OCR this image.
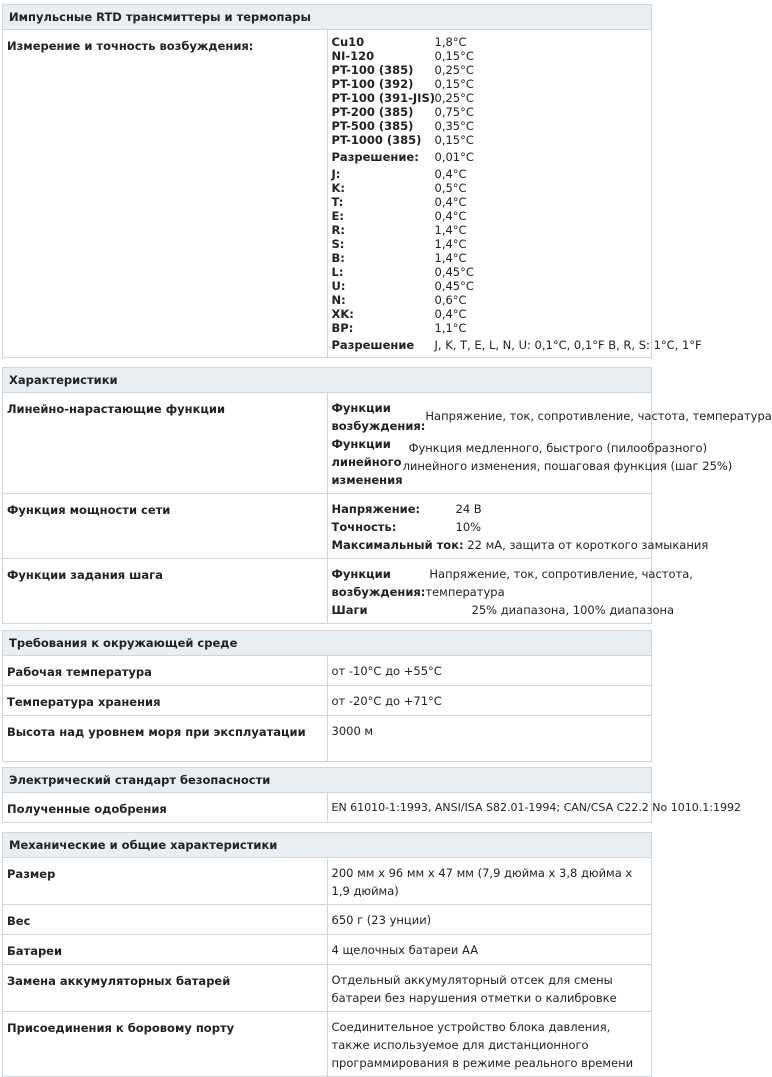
Импульсные RTD трансмиттеры и термопары
Измерение и точность возбуждения:	Cu10	1,8°C
NI-120	0,15°C
PT-100 (385) 0,25°C
PT-100 (392) 0,15°C
PT-100 (391-JIS)0,25°C
PT-200 (385) 0,75°C
PT-500 (385) 0,35°C
PT-1000 (385) 0,15°C
Разрешение: 0,01°C
J:	0,4°C
K:	0,5°C
T:	0,4°C
E:	0,4°C
R:	1,4°C
S:	1,4°C
B:	1,4°C
L:	0,45°C
U:	0,45°C
N:	0,6°C
XK:	0,4°C
BP:	1,1°C
Разрешение J, K, T, E, L, N, U: 0,1°C, 0,1°F B, R, S: 1°C, 1°F
Характеристики	
Линейно-нарастающие функции	Функции возбуждения:
Напряжение, ток, сопротивление, частота, температура
Функции линейного изменения
Функция медленного, быстрого (пилообразного)
линейного изменения, пошаговая функция (шаг 25%)

Функция мощности сети	Напряжение: 24 В
Точность: 10%
Максимальный ток: 22 мА, защита от короткого замыкания

Функции задания шага	Функции возбуждения:
Напряжение, ток, сопротивление, частота,
температура
Шаги 25% диапазона, 100% диапазона
Требования к окружающей среде	
Рабочая температура	от -10°C до +55°C
Температура хранения	от -20°C до +71°C
Высота над уровнем моря при эксплуатации	3000 м
Электрический стандарт безопасности
Полученные одобрения	EN 61010-1:1993, ANSI/ISA S82.01-1994; CAN/CSA C22.2 No 1010.1:1992
Механические и общие характеристики	
Размер	200 мм x 96 мм x 47 мм (7,9 дюйма x 3,8 дюйма x 1,9 дюйма)
Вес	650 г (23 унции)
Батареи	4 щелочных батареи AA
Замена аккумуляторных батарей	Отдельный аккумуляторный отсек для смены батареи без нарушения отметки о калибровке
Присоединения к боровому порту	Соединительное устройство блока давления, также используемое для дистанционного программирования в режиме реального времени
